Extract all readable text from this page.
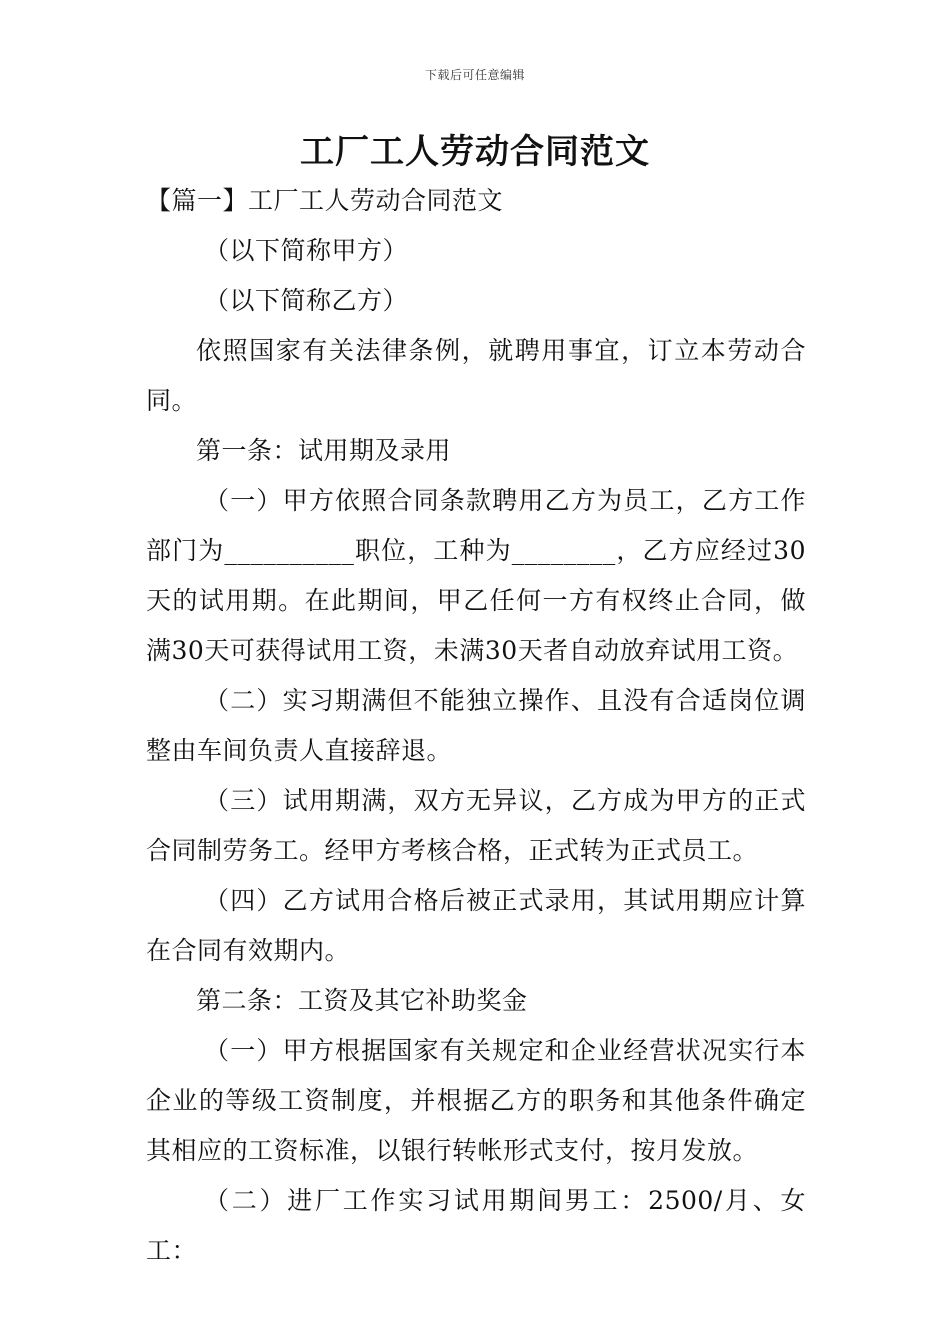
下载后可任意编辑
工厂工人劳动合同范文

【篇一】工厂工人劳动合同范文

（以下简称甲方）

（以下简称乙方）

依照国家有关法律条例，就聘用事宜，订立本劳动合同。

第一条：试用期及录用

（一）甲方依照合同条款聘用乙方为员工，乙方工作部门为__________职位，工种为________，乙方应经过30天的试用期。在此期间，甲乙任何一方有权终止合同，做满30天可获得试用工资，未满30天者自动放弃试用工资。

（二）实习期满但不能独立操作、且没有合适岗位调整由车间负责人直接辞退。

（三）试用期满，双方无异议，乙方成为甲方的正式合同制劳务工。经甲方考核合格，正式转为正式员工。

（四）乙方试用合格后被正式录用，其试用期应计算在合同有效期内。

第二条：工资及其它补助奖金

（一）甲方根据国家有关规定和企业经营状况实行本企业的等级工资制度，并根据乙方的职务和其他条件确定其相应的工资标准，以银行转帐形式支付，按月发放。

（二）进厂工作实习试用期间男工：2500/月、女工：
